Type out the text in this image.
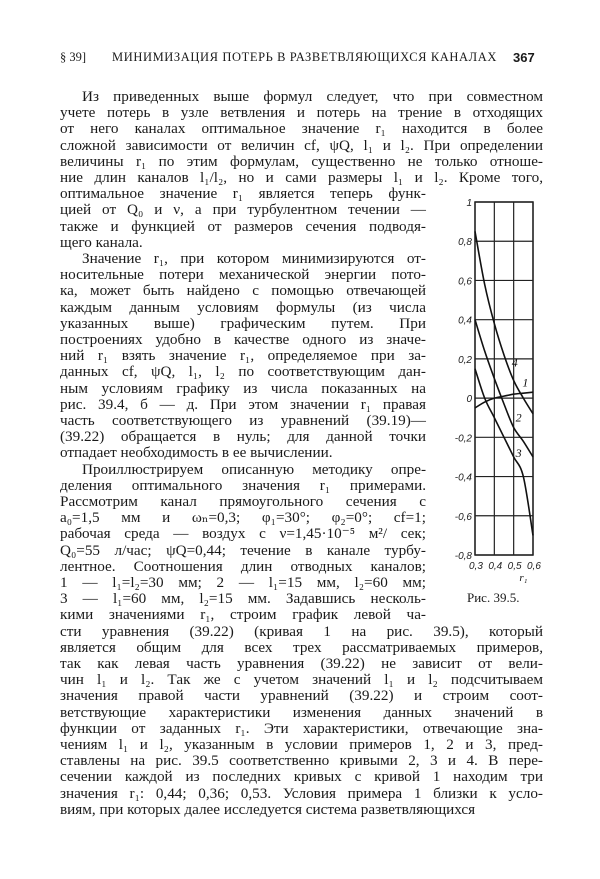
§ 39] МИНИМИЗАЦИЯ ПОТЕРЬ В РАЗВЕТВЛЯЮЩИХСЯ КАНАЛАХ 367
Из приведенных выше формул следует, что при совместном
учете потерь в узле ветвления и потерь на трение в отходящих
от него каналах оптимальное значение r₁ находится в более
сложной зависимости от величин cf, ψQ, l₁ и l₂. При определении
величины r₁ по этим формулам, существенно не только отноше-
ние длин каналов l₁/l₂, но и сами размеры l₁ и l₂. Кроме того,
оптимальное значение r₁ является теперь функ-
цией от Q₀ и ν, а при турбулентном течении —
также и функцией от размеров сечения подводя-
щего канала.
Значение r₁, при котором минимизируются от-
носительные потери механической энергии пото-
ка, может быть найдено с помощью отвечающей
каждым данным условиям формулы (из числа
указанных выше) графическим путем. При
построениях удобно в качестве одного из значе-
ний r₁ взять значение r₁, определяемое при за-
данных cf, ψQ, l₁, l₂ по соответствующим дан-
ным условиям графику из числа показанных на
рис. 39.4, б — д. При этом значении r₁ правая
часть соответствующего из уравнений (39.19)—
(39.22) обращается в нуль; для данной точки
отпадает необходимость в ее вычислении.
Проиллюстрируем описанную методику опре-
деления оптимального значения r₁ примерами.
Рассмотрим канал прямоугольного сечения с
a₀=1,5 мм и ωₙ=0,3; φ₁=30°; φ₂=0°; cf=1;
рабочая среда — воздух с ν=1,45·10⁻⁵ м²/ сек;
Q₀=55 л/час; ψQ=0,44; течение в канале турбу-
лентное. Соотношения длин отводных каналов;
1 — l₁=l₂=30 мм; 2 — l₁=15 мм, l₂=60 мм;
3 — l₁=60 мм, l₂=15 мм. Задавшись несколь-
кими значениями r₁, строим график левой ча-
сти уравнения (39.22) (кривая 1 на рис. 39.5), который
является общим для всех трех рассматриваемых примеров,
так как левая часть уравнения (39.22) не зависит от вели-
чин l₁ и l₂. Так же с учетом значений l₁ и l₂ подсчитываем
значения правой части уравнений (39.22) и строим соот-
ветствующие характеристики изменения данных значений в
функции от заданных r₁. Эти характеристики, отвечающие зна-
чениям l₁ и l₂, указанным в условии примеров 1, 2 и 3, пред-
ставлены на рис. 39.5 соответственно кривыми 2, 3 и 4. В пере-
сечении каждой из последних кривых с кривой 1 находим три
значения r₁: 0,44; 0,36; 0,53. Условия примера 1 близки к усло-
виям, при которых далее исследуется система разветвляющихся
0,3 0,4 0,5 0,6
1
0,8
0,6
0,4
0,2
0
-0,2
-0,4
-0,6
-0,8
1
2
3
4
r₁
Рис. 39.5.
